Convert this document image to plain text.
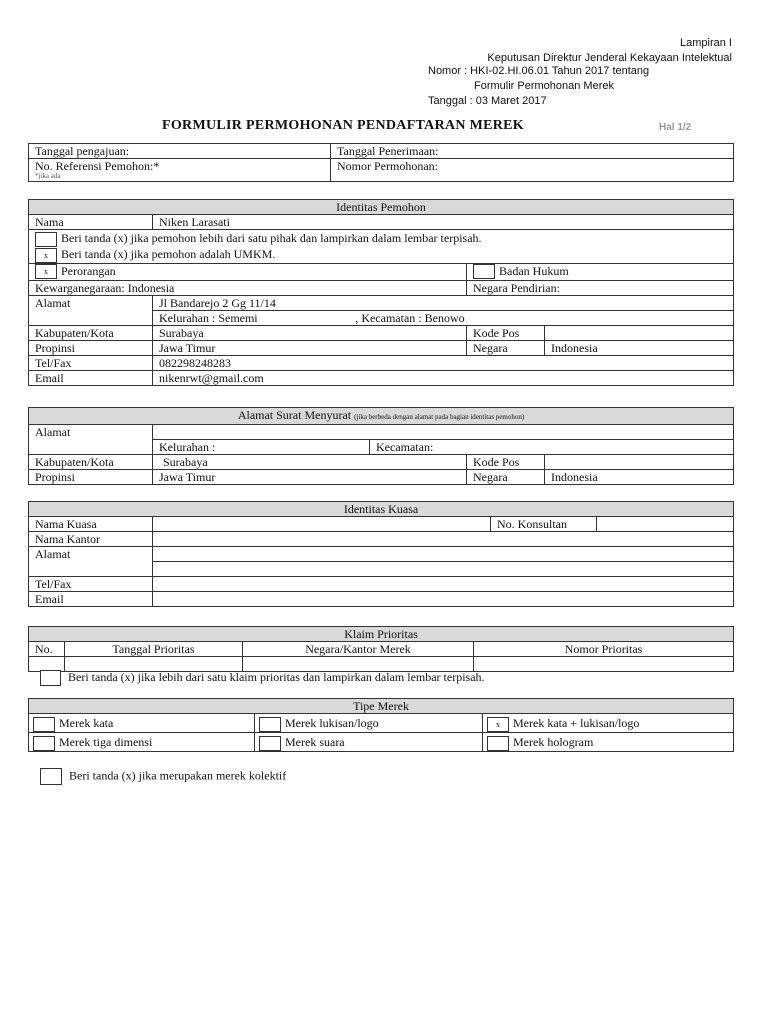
Lampiran I
Keputusan Direktur Jenderal Kekayaan Intelektual
Nomor : HKI-02.HI.06.01 Tahun 2017 tentang
Formulir Permohonan Merek
Tanggal : 03 Maret 2017
FORMULIR PERMOHONAN PENDAFTARAN MEREK	Hal 1/2
Tanggal pengajuan:	Tanggal Penerimaan:

No. Referensi Pemohon:*
*jika ada	Nomor Permohonan:
Identitas Pemohon			
Nama	Niken Larasati		

Beri tanda (x) jika pemohon lebih dari satu pihak dan lampirkan dalam lembar terpisah.
x Beri tanda (x) jika pemohon adalah UMKM.			

x Perorangan		Badan Hukum	
Kewarganegaraan: Indonesia		Negara Pendirian:	
Alamat	Jl Bandarejo 2 Gg 11/14		
	Kelurahan : Sememi , Kecamatan : Benowo		
Kabupaten/Kota	Surabaya	Kode Pos	
Propinsi	Jawa Timur	Negara	Indonesia
Tel/Fax	082298248283		
Email	nikenrwt@gmail.com		
Alamat Surat Menyurat (jika berbeda dengan alamat pada bagian identitas pemohon)				
Alamat				
	Kelurahan :	Kecamatan:		
Kabupaten/Kota	Surabaya		Kode Pos	
Propinsi	Jawa Timur		Negara	Indonesia
Identitas Kuasa			
Nama Kuasa		No. Konsultan	
Nama Kantor			
Alamat			

Tel/Fax			
Email			
Klaim Prioritas			
No.	Tanggal Prioritas	Negara/Kantor Merek	Nomor Prioritas

Beri tanda (x) jika lebih dari satu klaim prioritas dan lampirkan dalam lembar terpisah.
Tipe Merek		
Merek kata	Merek lukisan/logo	x Merek kata + lukisan/logo
Merek tiga dimensi	Merek suara	Merek hologram
Beri tanda (x) jika merupakan merek kolektif
